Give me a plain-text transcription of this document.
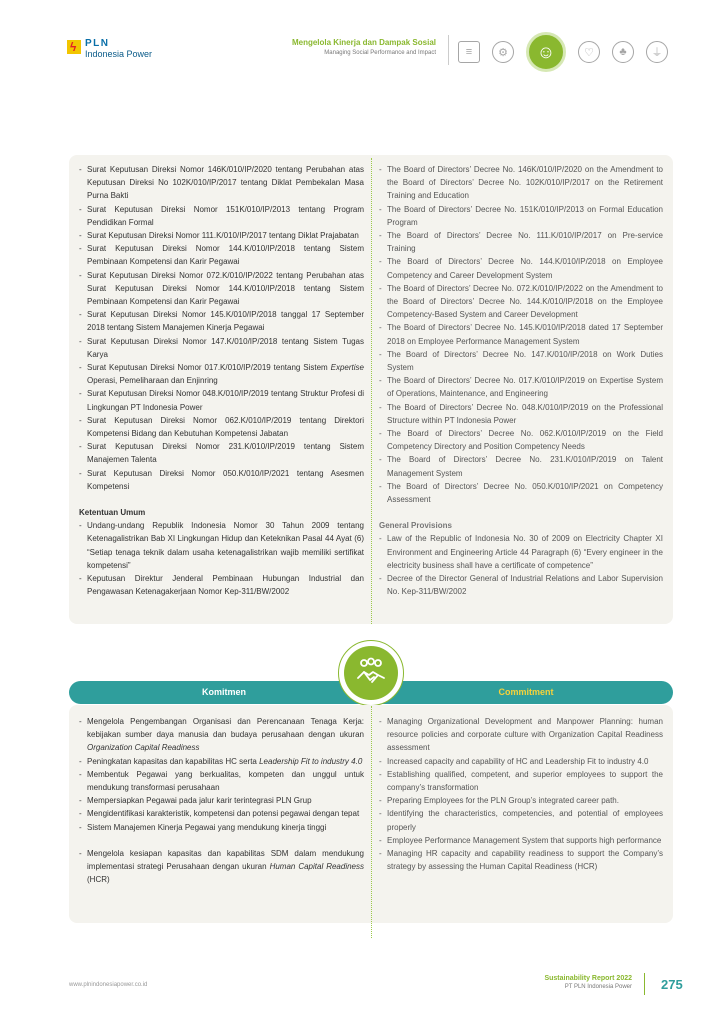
ϟ PLN
Indonesia Power
Mengelola Kinerja dan Dampak Sosial
Managing Social Performance and Impact	≡	⚙	☺	♡	♣	⏚
- Surat Keputusan Direksi Nomor 146K/010/IP/2020 tentang Perubahan atas Keputusan Direksi No 102K/010/IP/2017 tentang Diklat Pembekalan Masa Purna Bakti
- Surat Keputusan Direksi Nomor 151K/010/IP/2013 tentang Program Pendidikan Formal
- Surat Keputusan Direksi Nomor 111.K/010/IP/2017 tentang Diklat Prajabatan
- Surat Keputusan Direksi Nomor 144.K/010/IP/2018 tentang Sistem Pembinaan Kompetensi dan Karir Pegawai
- Surat Keputusan Direksi Nomor 072.K/010/IP/2022 tentang Perubahan atas Surat Keputusan Direksi Nomor 144.K/010/IP/2018 tentang Sistem Pembinaan Kompetensi dan Karir Pegawai
- Surat Keputusan Direksi Nomor 145.K/010/IP/2018 tanggal 17 September 2018 tentang Sistem Manajemen Kinerja Pegawai
- Surat Keputusan Direksi Nomor 147.K/010/IP/2018 tentang Sistem Tugas Karya
- Surat Keputusan Direksi Nomor 017.K/010/IP/2019 tentang Sistem Expertise Operasi, Pemeliharaan dan Enjinring
- Surat Keputusan Direksi Nomor 048.K/010/IP/2019 tentang Struktur Profesi di Lingkungan PT Indonesia Power
- Surat Keputusan Direksi Nomor 062.K/010/IP/2019 tentang Direktori Kompetensi Bidang dan Kebutuhan Kompetensi Jabatan
- Surat Keputusan Direksi Nomor 231.K/010/IP/2019 tentang Sistem Manajemen Talenta
- Surat Keputusan Direksi Nomor 050.K/010/IP/2021 tentang Asesmen Kompetensi
Ketentuan Umum
- Undang-undang Republik Indonesia Nomor 30 Tahun 2009 tentang Ketenagalistrikan Bab XI Lingkungan Hidup dan Keteknikan Pasal 44 Ayat (6) “Setiap tenaga teknik dalam usaha ketenagalistrikan wajib memiliki sertifikat kompetensi”
- Keputusan Direktur Jenderal Pembinaan Hubungan Industrial dan Pengawasan Ketenagakerjaan Nomor Kep-311/BW/2002
- The Board of Directors’ Decree No. 146K/010/IP/2020 on the Amendment to the Board of Directors’ Decree No. 102K/010/IP/2017 on the Retirement Training and Education
- The Board of Directors’ Decree No. 151K/010/IP/2013 on Formal Education Program
- The Board of Directors’ Decree No. 111.K/010/IP/2017 on Pre-service Training
- The Board of Directors’ Decree No. 144.K/010/IP/2018 on Employee Competency and Career Development System
- The Board of Directors’ Decree No. 072.K/010/IP/2022 on the Amendment to the Board of Directors’ Decree No. 144.K/010/IP/2018 on the Employee Competency-Based System and Career Development
- The Board of Directors’ Decree No. 145.K/010/IP/2018 dated 17 September 2018 on Employee Performance Management System
- The Board of Directors’ Decree No. 147.K/010/IP/2018 on Work Duties System
- The Board of Directors’ Decree No. 017.K/010/IP/2019 on Expertise System of Operations, Maintenance, and Engineering
- The Board of Directors’ Decree No. 048.K/010/IP/2019 on the Professional Structure within PT Indonesia Power
- The Board of Directors’ Decree No. 062.K/010/IP/2019 on the Field Competency Directory and Position Competency Needs
- The Board of Directors’ Decree No. 231.K/010/IP/2019 on Talent Management System
- The Board of Directors’ Decree No. 050.K/010/IP/2021 on Competency Assessment
General Provisions
- Law of the Republic of Indonesia No. 30 of 2009 on Electricity Chapter XI Environment and Engineering Article 44 Paragraph (6) “Every engineer in the electricity business shall have a certificate of competence”
- Decree of the Director General of Industrial Relations and Labor Supervision No. Kep-311/BW/2002
Komitmen	Commitment
- Mengelola Pengembangan Organisasi dan Perencanaan Tenaga Kerja: kebijakan sumber daya manusia dan budaya perusahaan dengan ukuran Organization Capital Readiness
- Peningkatan kapasitas dan kapabilitas HC serta Leadership Fit to industry 4.0
- Membentuk Pegawai yang berkualitas, kompeten dan unggul untuk mendukung transformasi perusahaan
- Mempersiapkan Pegawai pada jalur karir terintegrasi PLN Grup
- Mengidentifikasi karakteristik, kompetensi dan potensi pegawai dengan tepat
- Sistem Manajemen Kinerja Pegawai yang mendukung kinerja tinggi
- Mengelola kesiapan kapasitas dan kapabilitas SDM dalam mendukung implementasi strategi Perusahaan dengan ukuran Human Capital Readiness (HCR)
- Managing Organizational Development and Manpower Planning: human resource policies and corporate culture with Organization Capital Readiness assessment
- Increased capacity and capability of HC and Leadership Fit to industry 4.0
- Establishing qualified, competent, and superior employees to support the company’s transformation
- Preparing Employees for the PLN Group’s integrated career path.
- Identifying the characteristics, competencies, and potential of employees properly
- Employee Performance Management System that supports high performance
- Managing HR capacity and capability readiness to support the Company’s strategy by assessing the Human Capital Readiness (HCR)
www.plnindonesiapower.co.id
Sustainability Report 2022
PT PLN Indonesia Power 275
